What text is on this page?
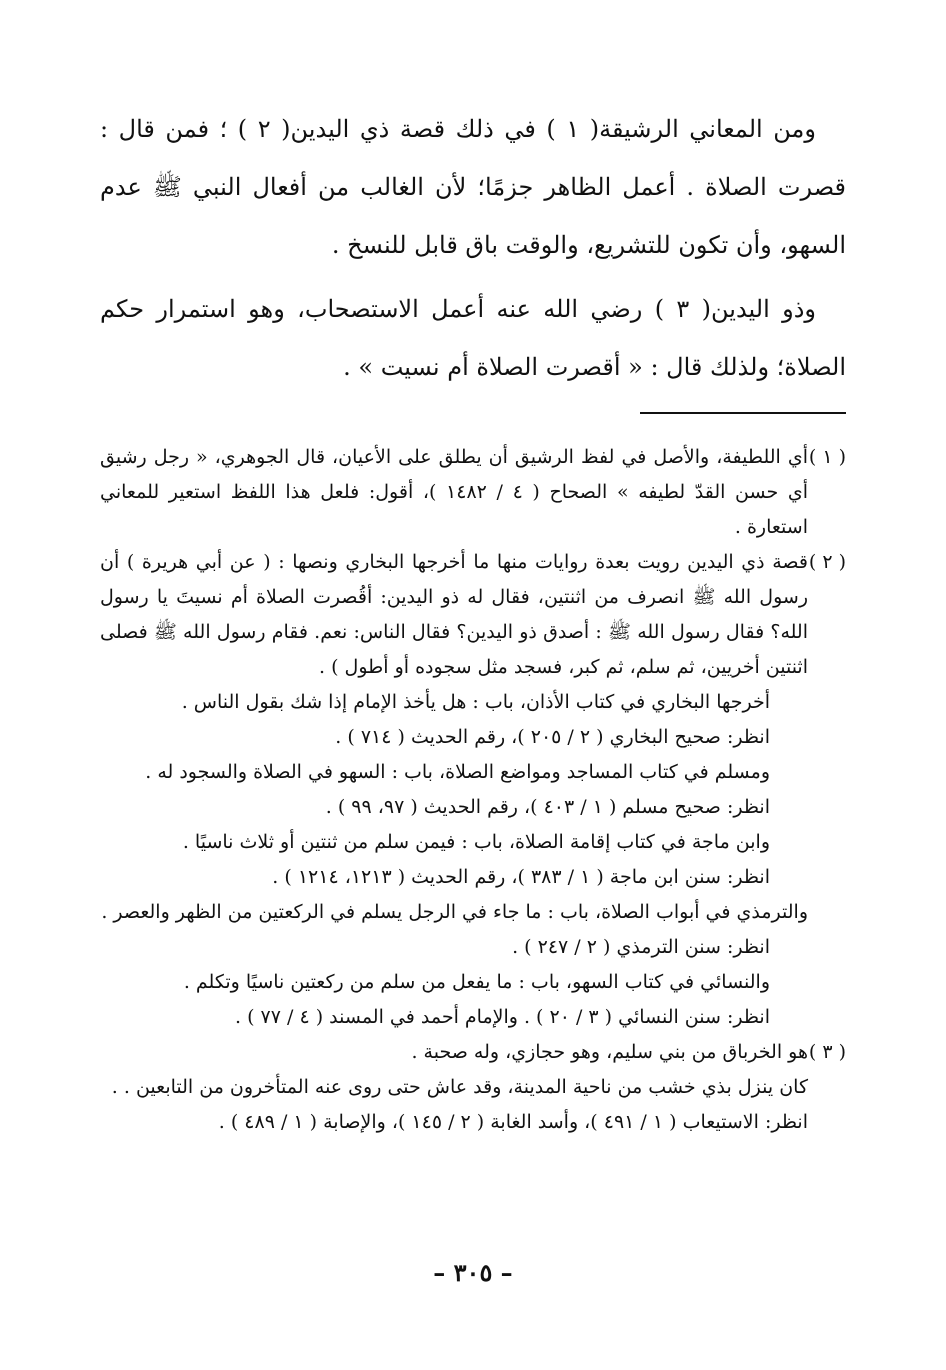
ومن المعاني الرشيقة( ١ ) في ذلك قصة ذي اليدين( ٢ ) ؛ فمن قال : قصرت الصلاة . أعمل الظاهر جزمًا؛ لأن الغالب من أفعال النبي ﷺ عدم السهو، وأن تكون للتشريع، والوقت باق قابل للنسخ .

وذو اليدين( ٣ ) رضي الله عنه أعمل الاستصحاب، وهو استمرار حكم الصلاة؛ ولذلك قال : « أقصرت الصلاة أم نسيت » .

( ١ )
أي اللطيفة، والأصل في لفظ الرشيق أن يطلق على الأعيان، قال الجوهري، « رجل رشيق أي حسن القدّ لطيفه » الصحاح ( ٤ / ١٤٨٢ )، أقول: فلعل هذا اللفظ استعير للمعاني استعارة .
( ٢ )
قصة ذي اليدين رويت بعدة روايات منها ما أخرجها البخاري ونصها : ( عن أبي هريرة ) أن رسول الله ﷺ انصرف من اثنتين، فقال له ذو اليدين: أقُصرت الصلاة أم نسيتَ يا رسول الله؟ فقال رسول الله ﷺ : أصدق ذو اليدين؟ فقال الناس: نعم. فقام رسول الله ﷺ فصلى اثنتين أخريين، ثم سلم، ثم كبر، فسجد مثل سجوده أو أطول ) .
أخرجها البخاري في كتاب الأذان، باب : هل يأخذ الإمام إذا شك بقول الناس .
انظر: صحيح البخاري ( ٢ / ٢٠٥ )، رقم الحديث ( ٧١٤ ) .
ومسلم في كتاب المساجد ومواضع الصلاة، باب : السهو في الصلاة والسجود له .
انظر: صحيح مسلم ( ١ / ٤٠٣ )، رقم الحديث ( ٩٧، ٩٩ ) .
وابن ماجة في كتاب إقامة الصلاة، باب : فيمن سلم من ثنتين أو ثلاث ناسيًا .
انظر: سنن ابن ماجة ( ١ / ٣٨٣ )، رقم الحديث ( ١٢١٣، ١٢١٤ ) .
والترمذي في أبواب الصلاة، باب : ما جاء في الرجل يسلم في الركعتين من الظهر والعصر .
انظر: سنن الترمذي ( ٢ / ٢٤٧ ) .
والنسائي في كتاب السهو، باب : ما يفعل من سلم من ركعتين ناسيًا وتكلم .
انظر: سنن النسائي ( ٣ / ٢٠ ) . والإمام أحمد في المسند ( ٤ / ٧٧ ) .
( ٣ )
هو الخرباق من بني سليم، وهو حجازي، وله صحبة .
كان ينزل بذي خشب من ناحية المدينة، وقد عاش حتى روى عنه المتأخرون من التابعين . .
انظر: الاستيعاب ( ١ / ٤٩١ )، وأسد الغابة ( ٢ / ١٤٥ )، والإصابة ( ١ / ٤٨٩ ) .
– ٣٠٥ –
